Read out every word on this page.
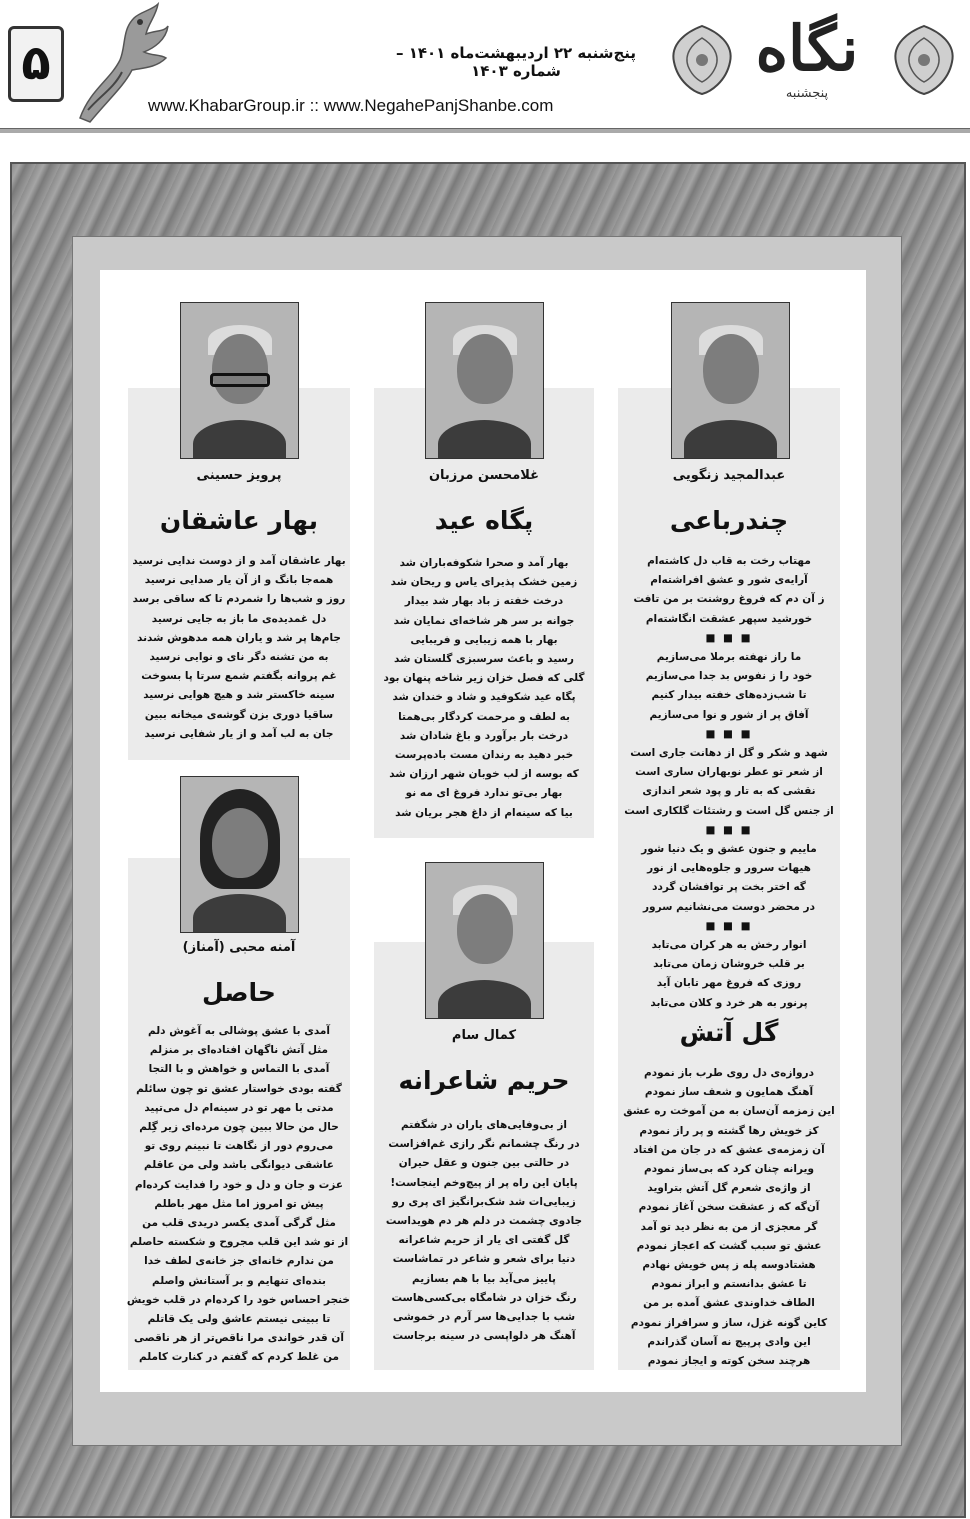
۵	پنج‌شنبه ۲۲ اردیبهشت‌ماه ۱۴۰۱ – شماره ۱۴۰۳
www.KhabarGroup.ir :: www.NegahePanjShanbe.com
نگاه
پنجشنبه
عبدالمجید زنگویی
چندرباعی
مهتاب رخت به قاب دل کاشته‌ام
آرایه‌ی شور و عشق افراشته‌ام
ز آن دم که فروغ روشنت بر من تافت
خورشید سپهر عشقت انگاشته‌ام
■ ■ ■
ما راز نهفته برملا می‌سازیم
خود را ز نفوس بد جدا می‌سازیم
تا شب‌زده‌های خفته بیدار کنیم
آفاق پر از شور و نوا می‌سازیم
■ ■ ■
شهد و شکر و گل از دهانت جاری است
از شعر تو عطر نوبهاران ساری است
نقشی که به تار و پود شعر اندازی
از جنس گل است و رشتئات گلکاری است
■ ■ ■
ماییم و جنون عشق و یک دنیا شور
هیهات سرور و جلوه‌هایی از نور
گه اختر بخت پر توافشان گردد
در محضر دوست می‌نشانیم سرور
■ ■ ■
انوار رخش به هر کران می‌تابد
بر قلب خروشان زمان می‌تابد
روزی که فروغ مهر تابان آید
پرنور به هر خرد و کلان می‌تابد
گل آتش
دروازه‌ی دل روی طرب باز نمودم
آهنگ همایون و شعف ساز نمودم
این زمزمه آن‌سان به من آموخت ره عشق
کز خویش رها گشته و پر راز نمودم
آن زمزمه‌ی عشق که در جان من افتاد
ویرانه چنان کرد که بی‌ساز نمودم
از واژه‌ی شعرم گل آتش بتراوید
آن‌گه که ز عشقت سخن آغاز نمودم
گر معجزی از من به نظر دید تو آمد
عشق تو سبب گشت که اعجاز نمودم
هشتادوسه پله ز پس خویش نهادم
تا عشق بدانستم و ابراز نمودم
الطاف خداوندی عشق آمده بر من
کاین گونه غزل، ساز و سرافراز نمودم
این وادی پرپیچ نه آسان گذراندم
هرچند سخن کوته و ایجاز نمودم
غلامحسن مرزبان
پگاه عید
بهار آمد و صحرا شکوفه‌باران شد
زمین خشک پذیرای یاس و ریحان شد
درخت خفته ز باد بهار شد بیدار
جوانه بر سر هر شاخه‌ای نمایان شد
بهار با همه زیبایی و فریبایی
رسید و باعث سرسبزی گلستان شد
گلی که فصل خزان زیر شاخه پنهان بود
پگاه عید شکوفید و شاد و خندان شد
به لطف و مرحمت کردگار بی‌همتا
درخت بار برآورد و باغ شادان شد
خبر دهید به رندان مست باده‌پرست
که بوسه از لب خوبان شهر ارزان شد
بهار بی‌تو ندارد فروغ ای مه نو
بیا که سینه‌ام از داغ هجر بریان شد
کمال سام
حریم شاعرانه
از بی‌وفایی‌های یاران در شگفتم
در رنگ چشمانم نگر رازی غم‌افزاست
در حالتی بین جنون و عقل حیران
پایان این راه پر از پیچ‌وخم اینجاست!
زیبایی‌ات شد شک‌برانگیز ای پری رو
جادوی چشمت در دلم هر دم هویداست
گل گفتی ای یار از حریم شاعرانه
دنیا برای شعر و شاعر در تماشاست
پاییز می‌آید بیا با هم بسازیم
رنگ خزان در شامگاه بی‌کسی‌هاست
شب با جدایی‌ها سر آرم در خموشی
آهنگ هر دلواپسی در سینه برجاست
پرویز حسینی
بهار عاشقان
بهار عاشقان آمد و از دوست ندایی نرسید
همه‌جا بانگ و از آن یار صدایی نرسید
روز و شب‌ها را شمردم تا که ساقی برسد
دل غمدیده‌ی ما باز به جایی نرسید
جام‌ها پر شد و یاران همه مدهوش شدند
به من تشنه دگر نای و نوایی نرسید
غم پروانه بگفتم شمع سرتا پا بسوخت
سینه خاکستر شد و هیچ هوایی نرسید
ساقیا دوری بزن گوشه‌ی میخانه ببین
جان به لب آمد و از یار شفایی نرسید
آمنه محبی (آمناز)
حاصل
آمدی با عشق پوشالی به آغوش دلم
مثل آتش ناگهان افتاده‌ای بر منزلم
آمدی با التماس و خواهش و با التجا
گفته بودی خواستار عشق تو چون سائلم
مدتی با مهر تو در سینه‌ام دل می‌تپید
حال من حالا ببین چون مرده‌ای زیر گِلم
می‌روم دور از نگاهت تا نبینم روی تو
عاشقی دیوانگی باشد ولی من عاقلم
عزت و جان و دل و خود را فدایت کرده‌ام
پیش تو امروز اما مثل مهر باطلم
مثل گرگی آمدی یکسر دریدی قلب من
از تو شد این قلب مجروح و شکسته حاصلم
من ندارم خانه‌ای جز خانه‌ی لطف خدا
بنده‌ای تنهایم و بر آستانش واصلم
خنجر احساس خود را کرده‌ام در قلب خویش
تا ببینی نیستم عاشق ولی یک قاتلم
آن قدر خواندی مرا ناقص‌تر از هر ناقصی
من غلط کردم که گفتم در کنارت کاملم
